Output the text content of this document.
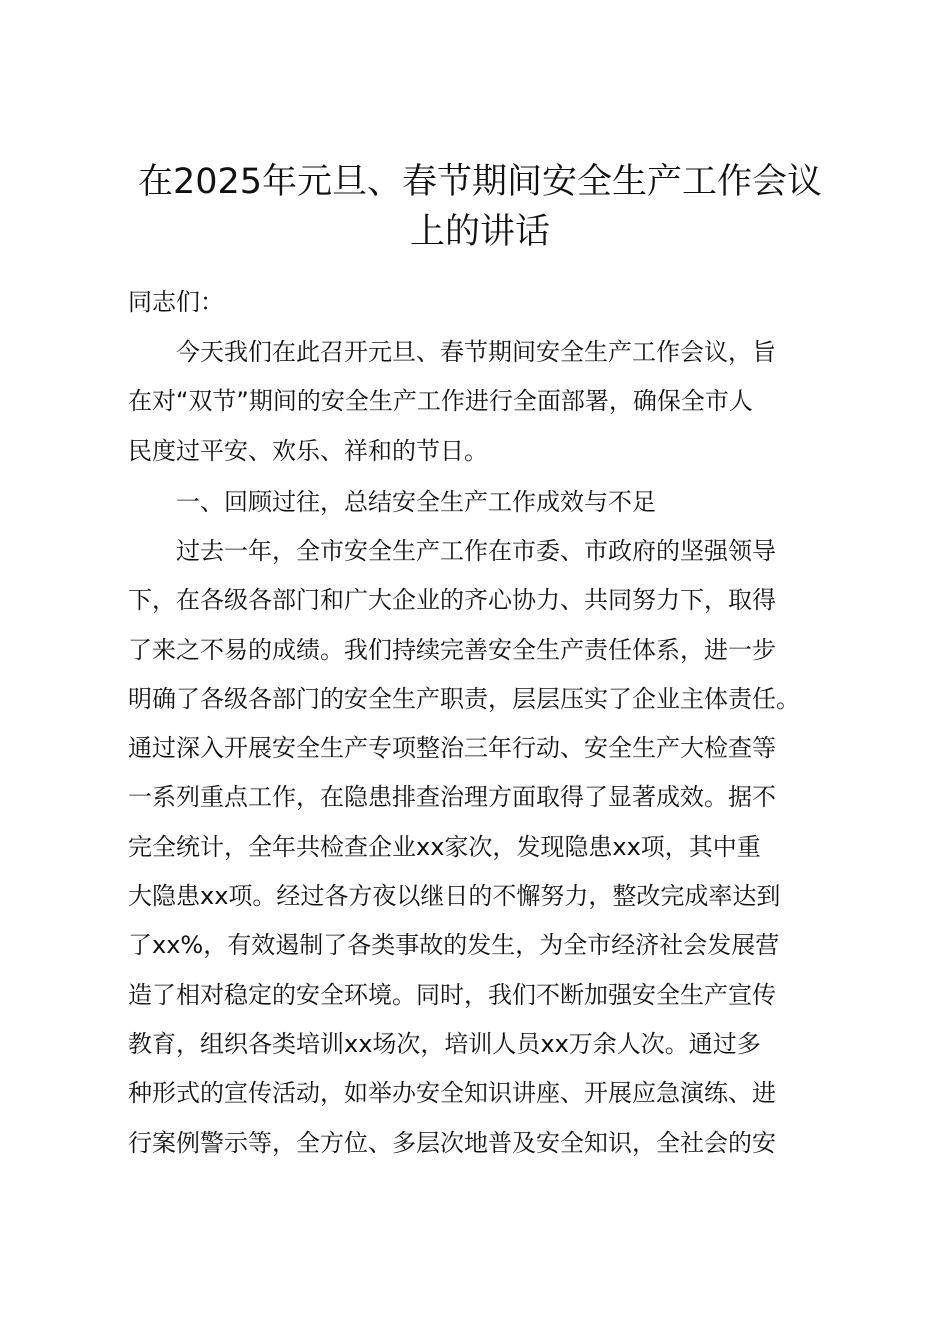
在2025年元旦、春节期间安全生产工作会议
上的讲话

同志们：

今天我们在此召开元旦、春节期间安全生产工作会议，旨
在对“双节”期间的安全生产工作进行全面部署，确保全市人
民度过平安、欢乐、祥和的节日。

一、回顾过往，总结安全生产工作成效与不足

过去一年，全市安全生产工作在市委、市政府的坚强领导
下，在各级各部门和广大企业的齐心协力、共同努力下，取得
了来之不易的成绩。我们持续完善安全生产责任体系，进一步
明确了各级各部门的安全生产职责，层层压实了企业主体责任。
通过深入开展安全生产专项整治三年行动、安全生产大检查等
一系列重点工作，在隐患排查治理方面取得了显著成效。据不
完全统计，全年共检查企业xx家次，发现隐患xx项，其中重
大隐患xx项。经过各方夜以继日的不懈努力，整改完成率达到
了xx%，有效遏制了各类事故的发生，为全市经济社会发展营
造了相对稳定的安全环境。同时，我们不断加强安全生产宣传
教育，组织各类培训xx场次，培训人员xx万余人次。通过多
种形式的宣传活动，如举办安全知识讲座、开展应急演练、进
行案例警示等，全方位、多层次地普及安全知识，全社会的安
